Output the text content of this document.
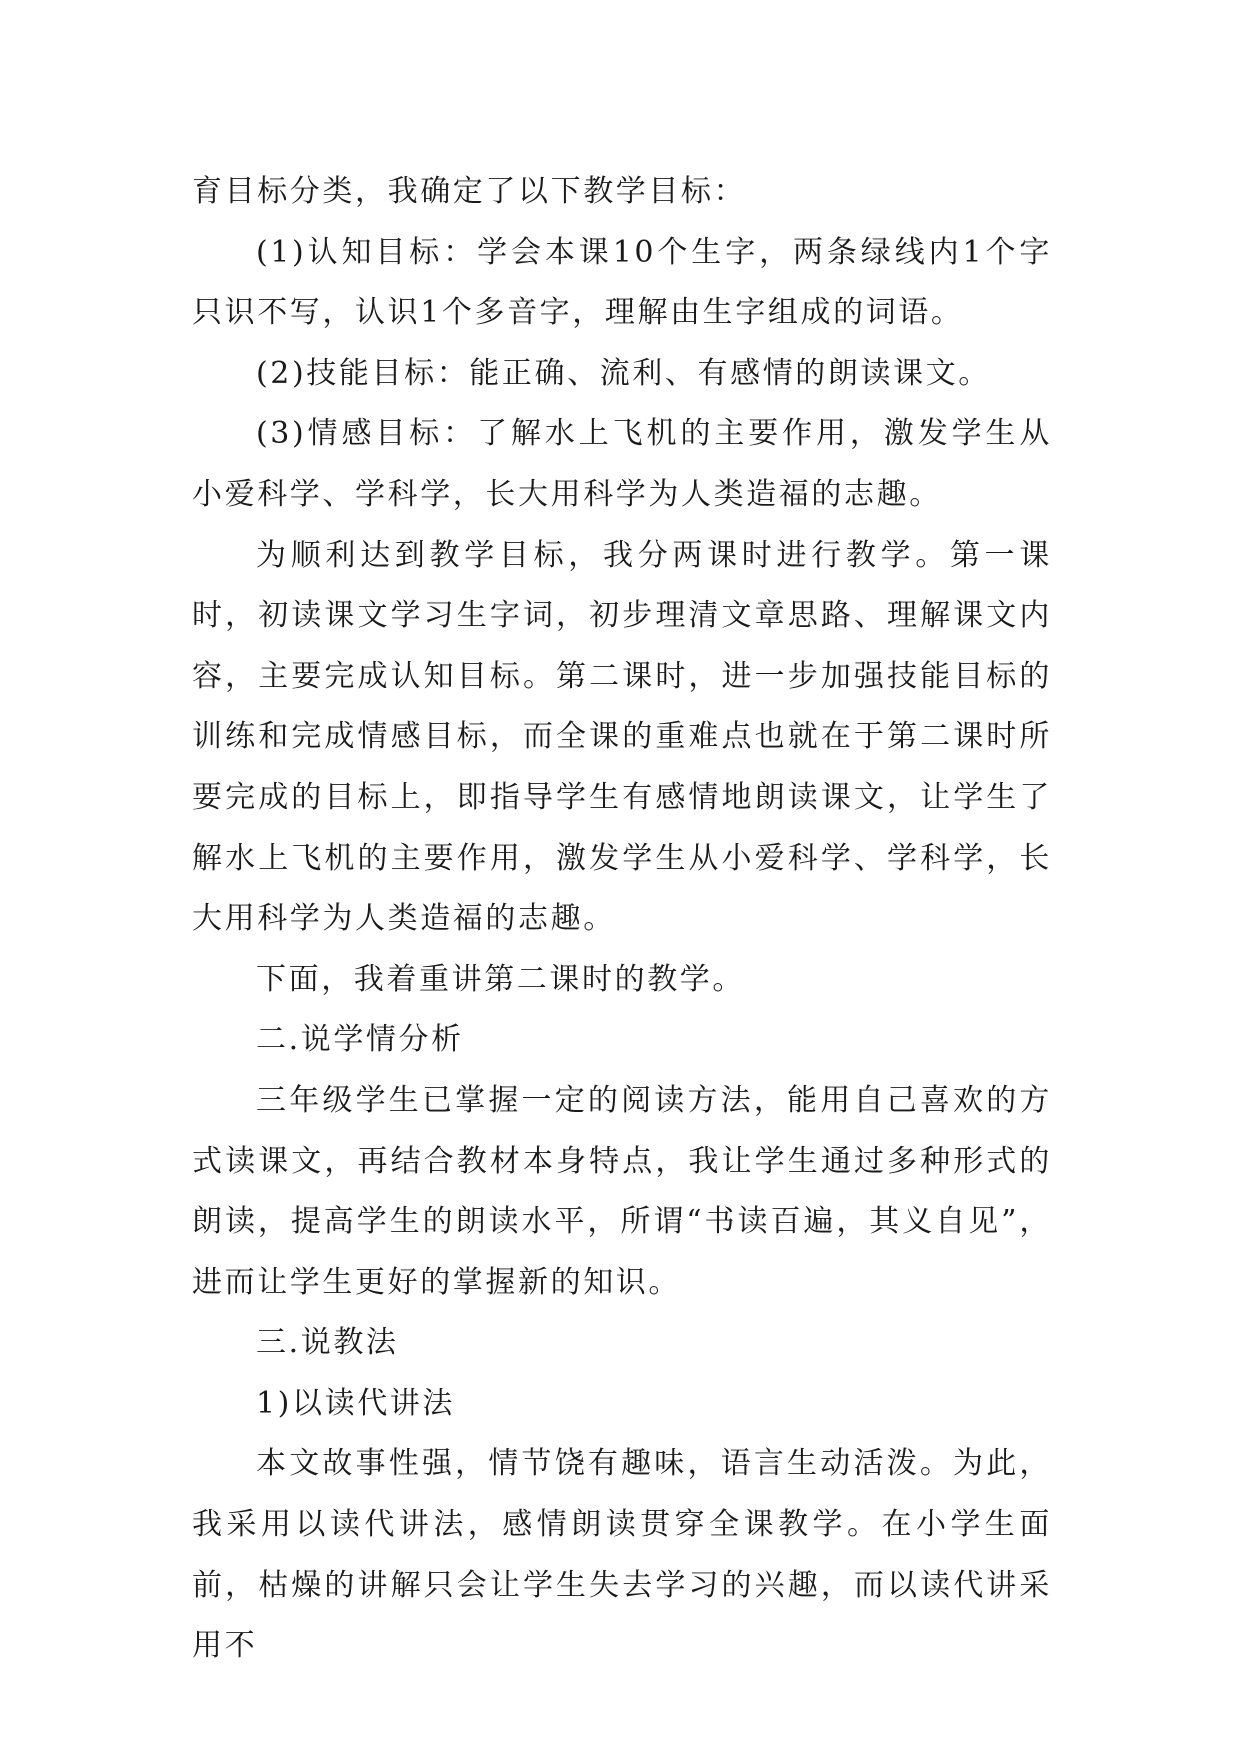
育目标分类，我确定了以下教学目标：

(1)认知目标：学会本课10个生字，两条绿线内1个字只识不写，认识1个多音字，理解由生字组成的词语。

(2)技能目标：能正确、流利、有感情的朗读课文。

(3)情感目标：了解水上飞机的主要作用，激发学生从小爱科学、学科学，长大用科学为人类造福的志趣。

为顺利达到教学目标，我分两课时进行教学。第一课时，初读课文学习生字词，初步理清文章思路、理解课文内容，主要完成认知目标。第二课时，进一步加强技能目标的训练和完成情感目标，而全课的重难点也就在于第二课时所要完成的目标上，即指导学生有感情地朗读课文，让学生了解水上飞机的主要作用，激发学生从小爱科学、学科学，长大用科学为人类造福的志趣。

下面，我着重讲第二课时的教学。

二.说学情分析

三年级学生已掌握一定的阅读方法，能用自己喜欢的方式读课文，再结合教材本身特点，我让学生通过多种形式的朗读，提高学生的朗读水平，所谓“书读百遍，其义自见”，进而让学生更好的掌握新的知识。

三.说教法

1)以读代讲法

本文故事性强，情节饶有趣味，语言生动活泼。为此，我采用以读代讲法，感情朗读贯穿全课教学。在小学生面前，枯燥的讲解只会让学生失去学习的兴趣，而以读代讲采用不
